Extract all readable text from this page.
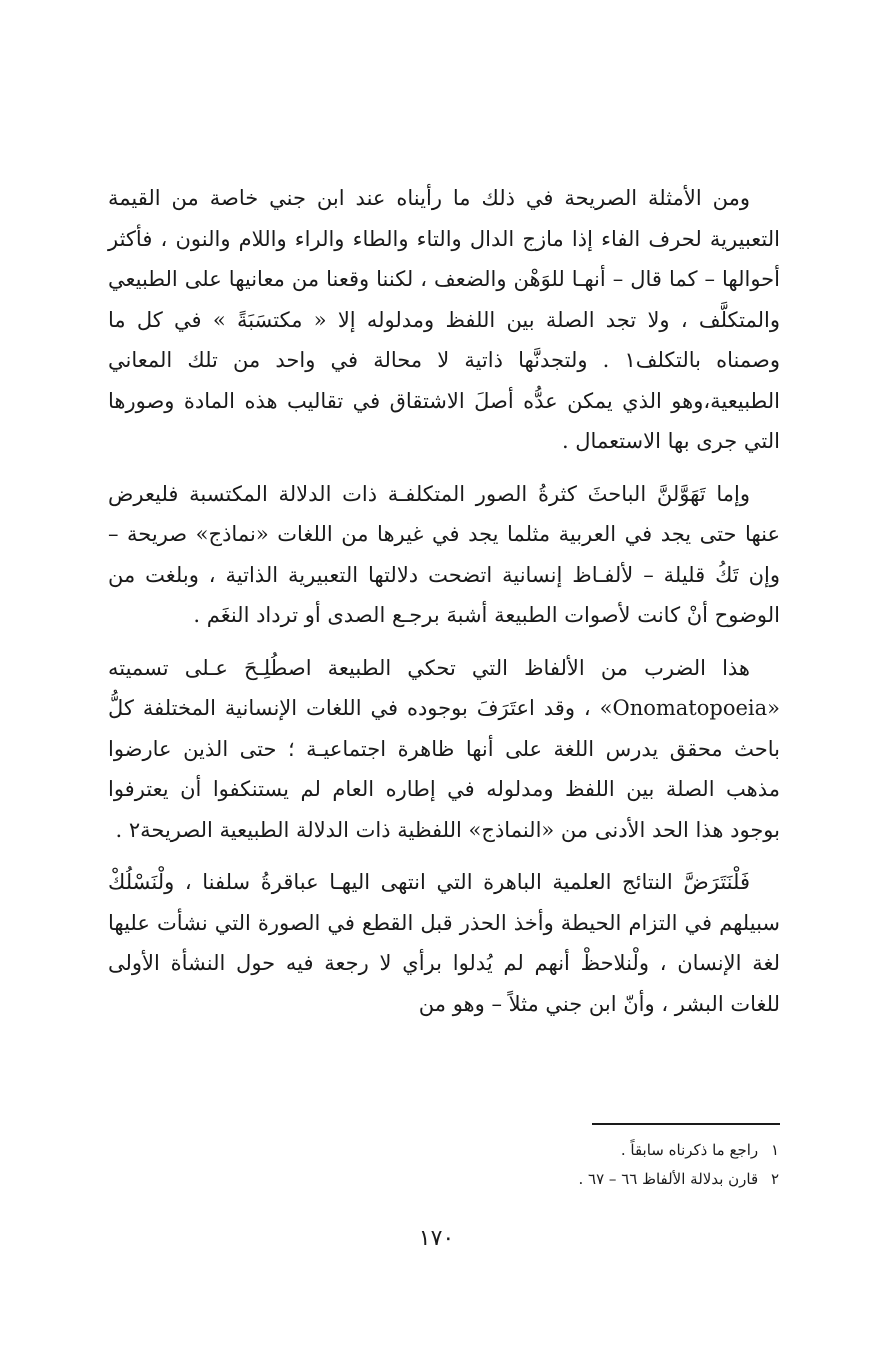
ومن الأمثلة الصريحة في ذلك ما رأيناه عند ابن جني خاصة من القيمة التعبيرية لحرف الفاء إذا مازج الدال والتاء والطاء والراء واللام والنون ، فأكثر أحوالها – كما قال – أنهـا للوَهْن والضعف ، لكننا وقعنا من معانيها على الطبيعي والمتكلَّف ، ولا تجد الصلة بين اللفظ ومدلوله إلا « مكتسَبَةً » في كل ما وصمناه بالتكلف١ . ولتجدنَّها ذاتية لا محالة في واحد من تلك المعاني الطبيعية،وهو الذي يمكن عدُّه أصلَ الاشتقاق في تقاليب هذه المادة وصورها التي جرى بها الاستعمال .

وإما تَهَوَّلنَّ الباحثَ كثرةُ الصور المتكلفـة ذات الدلالة المكتسبة فليعرض عنها حتى يجد في العربية مثلما يجد في غيرها من اللغات «نماذج» صريحة – وإن تَكُ قليلة – لألفـاظ إنسانية اتضحت دلالتها التعبيرية الذاتية ، وبلغت من الوضوح أنْ كانت لأصوات الطبيعة أشبهَ برجـع الصدى أو ترداد النغَم .

هذا الضرب من الألفاظ التي تحكي الطبيعة اصطُلِـحَ عـلى تسميته «Onomatopoeia» ، وقد اعتَرَفَ بوجوده في اللغات الإنسانية المختلفة كلُّ باحث محقق يدرس اللغة على أنها ظاهرة اجتماعيـة ؛ حتى الذين عارضوا مذهب الصلة بين اللفظ ومدلوله في إطاره العام لم يستنكفوا أن يعترفوا بوجود هذا الحد الأدنى من «النماذج» اللفظية ذات الدلالة الطبيعية الصريحة٢ .

فَلْنَتَرَضَّ النتائج العلمية الباهرة التي انتهى اليهـا عباقرةُ سلفنا ، ولْنَسْلُكْ سبيلهم في التزام الحيطة وأخذ الحذر قبل القطع في الصورة التي نشأت عليها لغة الإنسان ، ولْنلاحظْ أنهم لم يُدلوا برأي لا رجعة فيه حول النشأة الأولى للغات البشر ، وأنّ ابن جني مثلاً – وهو من

١ راجع ما ذكرناه سابقاً .
٢ قارن بدلالة الألفاظ ٦٦ – ٦٧ .
١٧٠
